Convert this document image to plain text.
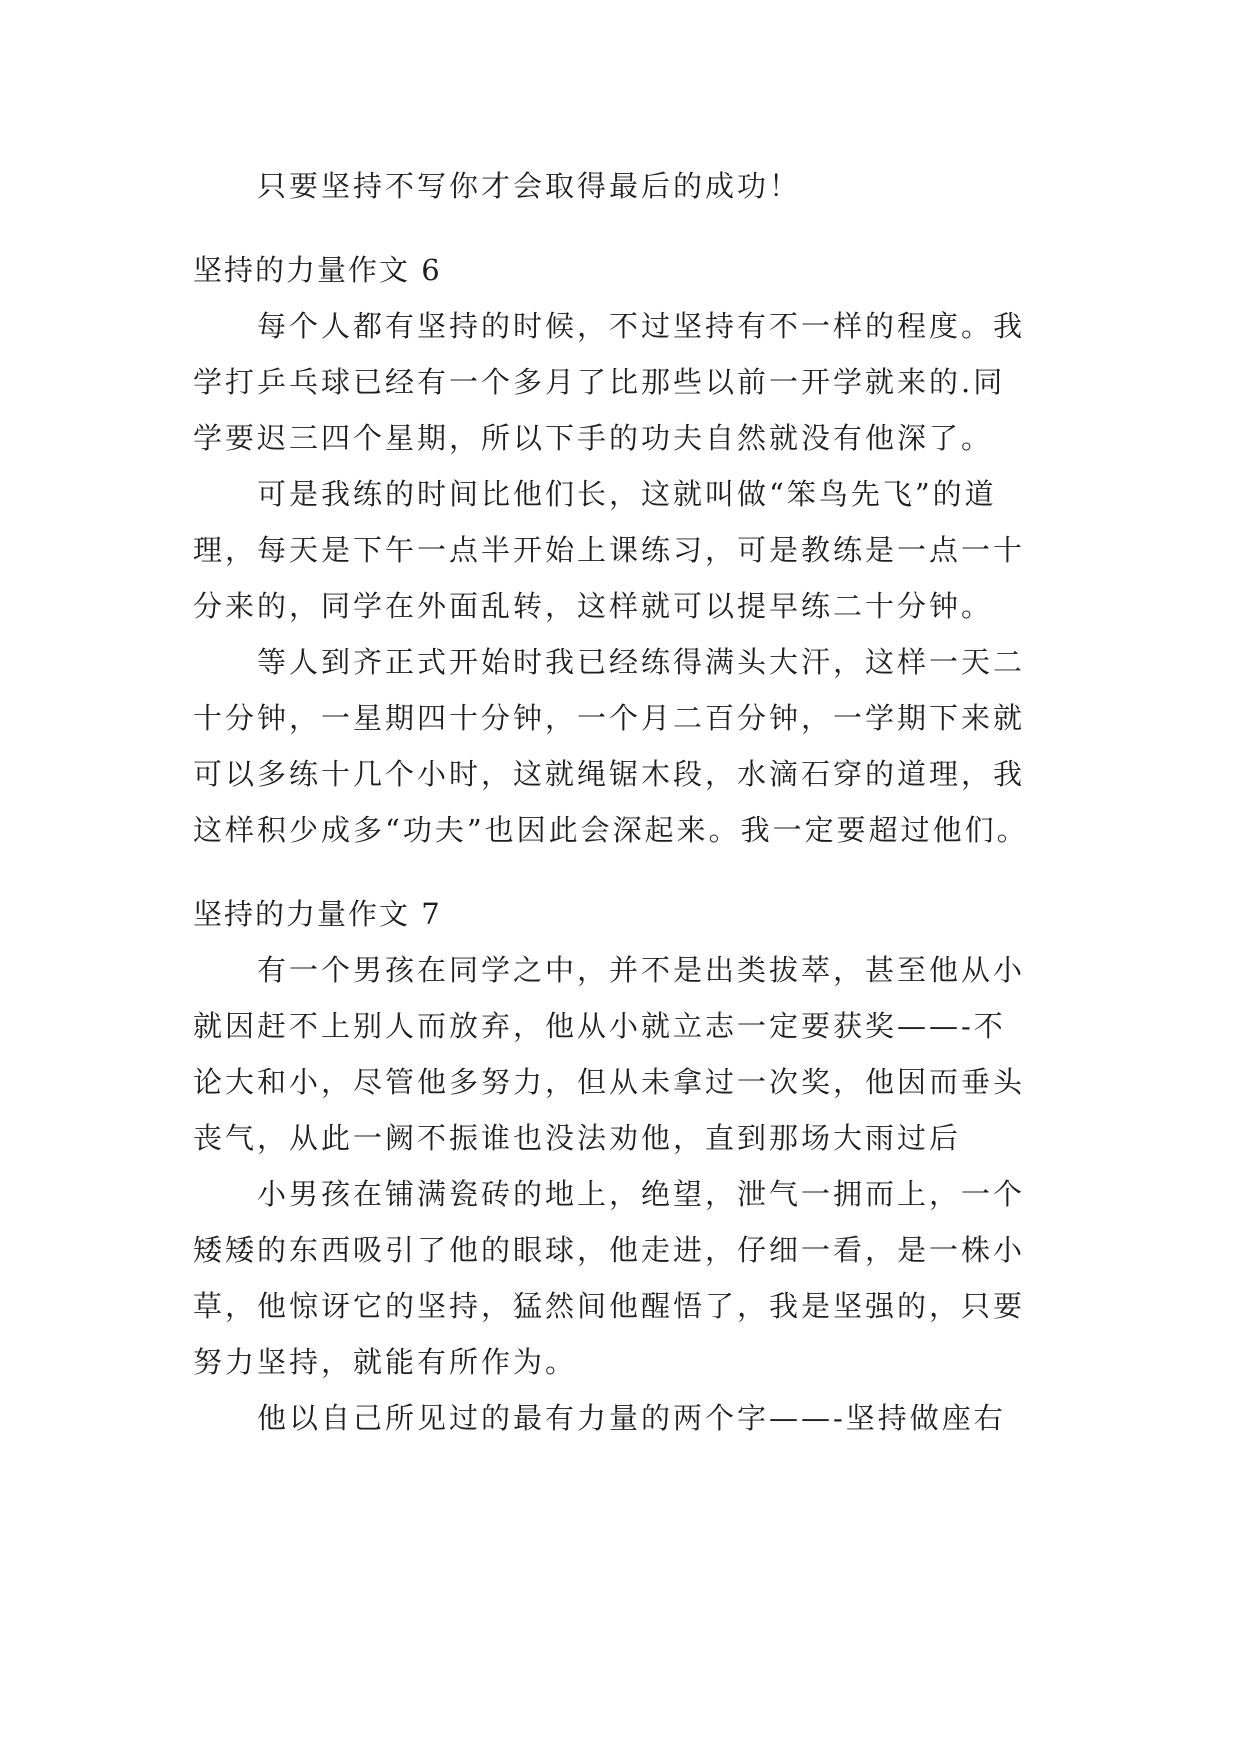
只要坚持不写你才会取得最后的成功！
坚持的力量作文 6
每个人都有坚持的时候，不过坚持有不一样的程度。我
学打乒乓球已经有一个多月了比那些以前一开学就来的.同
学要迟三四个星期，所以下手的功夫自然就没有他深了。
可是我练的时间比他们长，这就叫做“笨鸟先飞”的道
理，每天是下午一点半开始上课练习，可是教练是一点一十
分来的，同学在外面乱转，这样就可以提早练二十分钟。
等人到齐正式开始时我已经练得满头大汗，这样一天二
十分钟，一星期四十分钟，一个月二百分钟，一学期下来就
可以多练十几个小时，这就绳锯木段，水滴石穿的道理，我
这样积少成多“功夫”也因此会深起来。我一定要超过他们。
坚持的力量作文 7
有一个男孩在同学之中，并不是出类拔萃，甚至他从小
就因赶不上别人而放弃，他从小就立志一定要获奖——-不
论大和小，尽管他多努力，但从未拿过一次奖，他因而垂头
丧气，从此一阙不振谁也没法劝他，直到那场大雨过后
小男孩在铺满瓷砖的地上，绝望，泄气一拥而上，一个
矮矮的东西吸引了他的眼球，他走进，仔细一看，是一株小
草，他惊讶它的坚持，猛然间他醒悟了，我是坚强的，只要
努力坚持，就能有所作为。
他以自己所见过的最有力量的两个字——-坚持做座右
